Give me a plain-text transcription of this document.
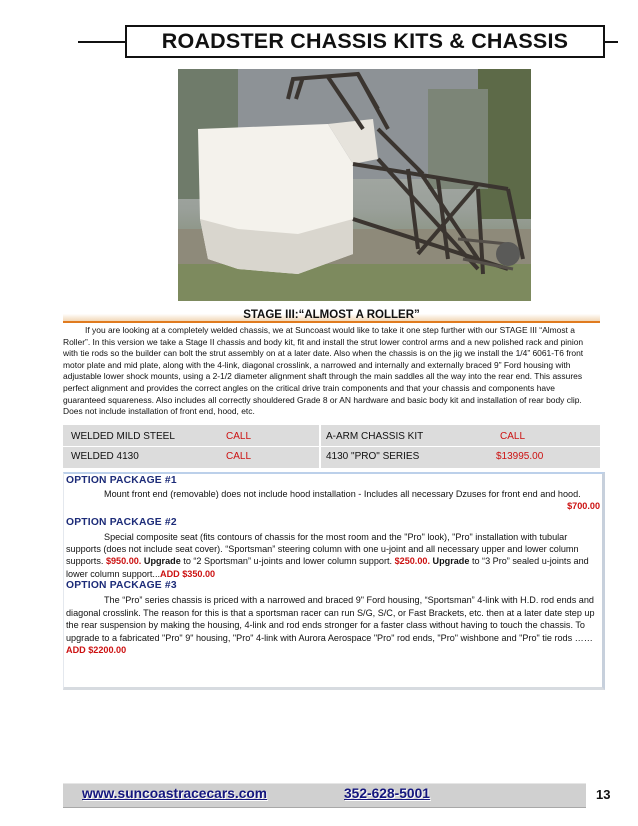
ROADSTER CHASSIS KITS & CHASSIS
STAGE III:“ALMOST A ROLLER”

If you are looking at a completely welded chassis, we at Suncoast would like to take it one step further with our STAGE III “Almost a Roller”. In this version we take a Stage II chassis and body kit, fit and install the strut lower control arms and a new polished rack and pinion with tie rods so the builder can bolt the strut assembly on at a later date. Also when the chassis is on the jig we install the 1/4” 6061-T6 front motor plate and mid plate, along with the 4-link, diagonal crosslink, a narrowed and internally and externally braced 9” Ford housing with adjustable lower shock mounts, using a 2-1/2 diameter alignment shaft through the main saddles all the way into the rear end. This assures perfect alignment and provides the correct angles on the critical drive train components and that your chassis and components have guaranteed squareness. Also includes all correctly shouldered Grade 8 or AN hardware and basic body kit and installation of rear body clip. Does not include installation of front end, hood, etc.

WELDED MILD STEEL	CALL	A-ARM CHASSIS KIT	CALL
WELDED 4130	CALL	4130 "PRO" SERIES	$13995.00
OPTION PACKAGE #1
Mount front end (removable) does not include hood installation - Includes all necessary Dzuses for front end and hood.
$700.00
OPTION PACKAGE #2
Special composite seat (fits contours of chassis for the most room and the "Pro" look), "Pro" installation with tubular supports (does not include seat cover). “Sportsman” steering column with one u-joint and all necessary upper and lower column supports. $950.00. Upgrade to “2 Sportsman” u-joints and lower column support. $250.00. Upgrade to “3 Pro” sealed u-joints and lower column support...ADD $350.00
OPTION PACKAGE #3
The “Pro” series chassis is priced with a narrowed and braced 9" Ford housing, “Sportsman” 4-link with H.D. rod ends and diagonal crosslink. The reason for this is that a sportsman racer can run S/G, S/C, or Fast Brackets, etc. then at a later date step up the rear suspension by making the housing, 4-link and rod ends stronger for a faster class without having to touch the chassis. To upgrade to a fabricated "Pro" 9" housing, "Pro" 4-link with Aurora Aerospace "Pro" rod ends, "Pro" wishbone and "Pro" tie rods …… ADD $2200.00
www.suncoastracecars.com	352-628-5001	13
